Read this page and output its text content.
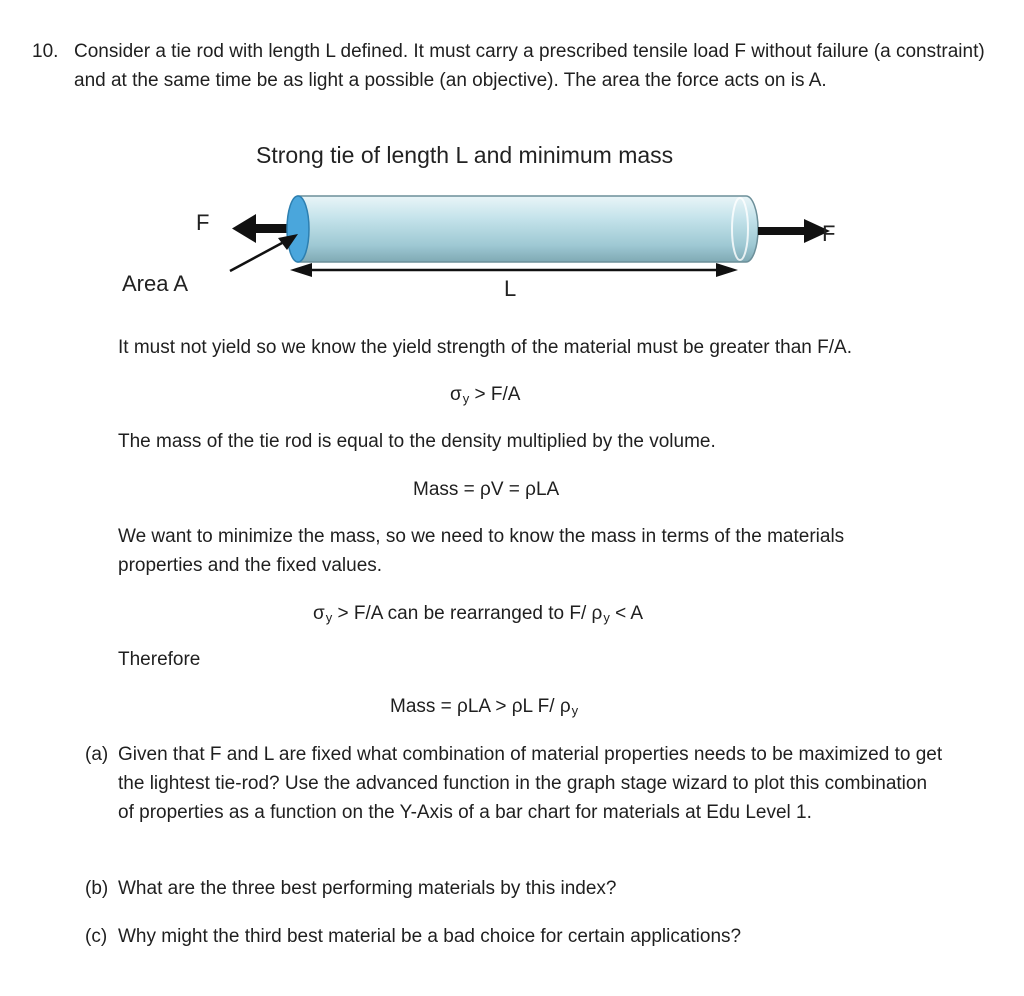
10. Consider a tie rod with length L defined. It must carry a prescribed tensile load F without failure (a constraint) and at the same time be as light a possible (an objective). The area the force acts on is A.
Strong tie of length L and minimum mass
F	F
Area A	L
It must not yield so we know the yield strength of the material must be greater than F/A.
$\sigma_y > F/A$
The mass of the tie rod is equal to the density multiplied by the volume.
Mass = ρV = ρLA
We want to minimize the mass, so we need to know the mass in terms of the materials properties and the fixed values.
$\sigma_y > F/A$ can be rearranged to F/ $\rho_y < A$
Therefore
Mass = ρLA > ρL F/ $\rho_y$
(a) Given that F and L are fixed what combination of material properties needs to be maximized to get the lightest tie-rod? Use the advanced function in the graph stage wizard to plot this combination of properties as a function on the Y-Axis of a bar chart for materials at Edu Level 1.
(b) What are the three best performing materials by this index?
(c) Why might the third best material be a bad choice for certain applications?
